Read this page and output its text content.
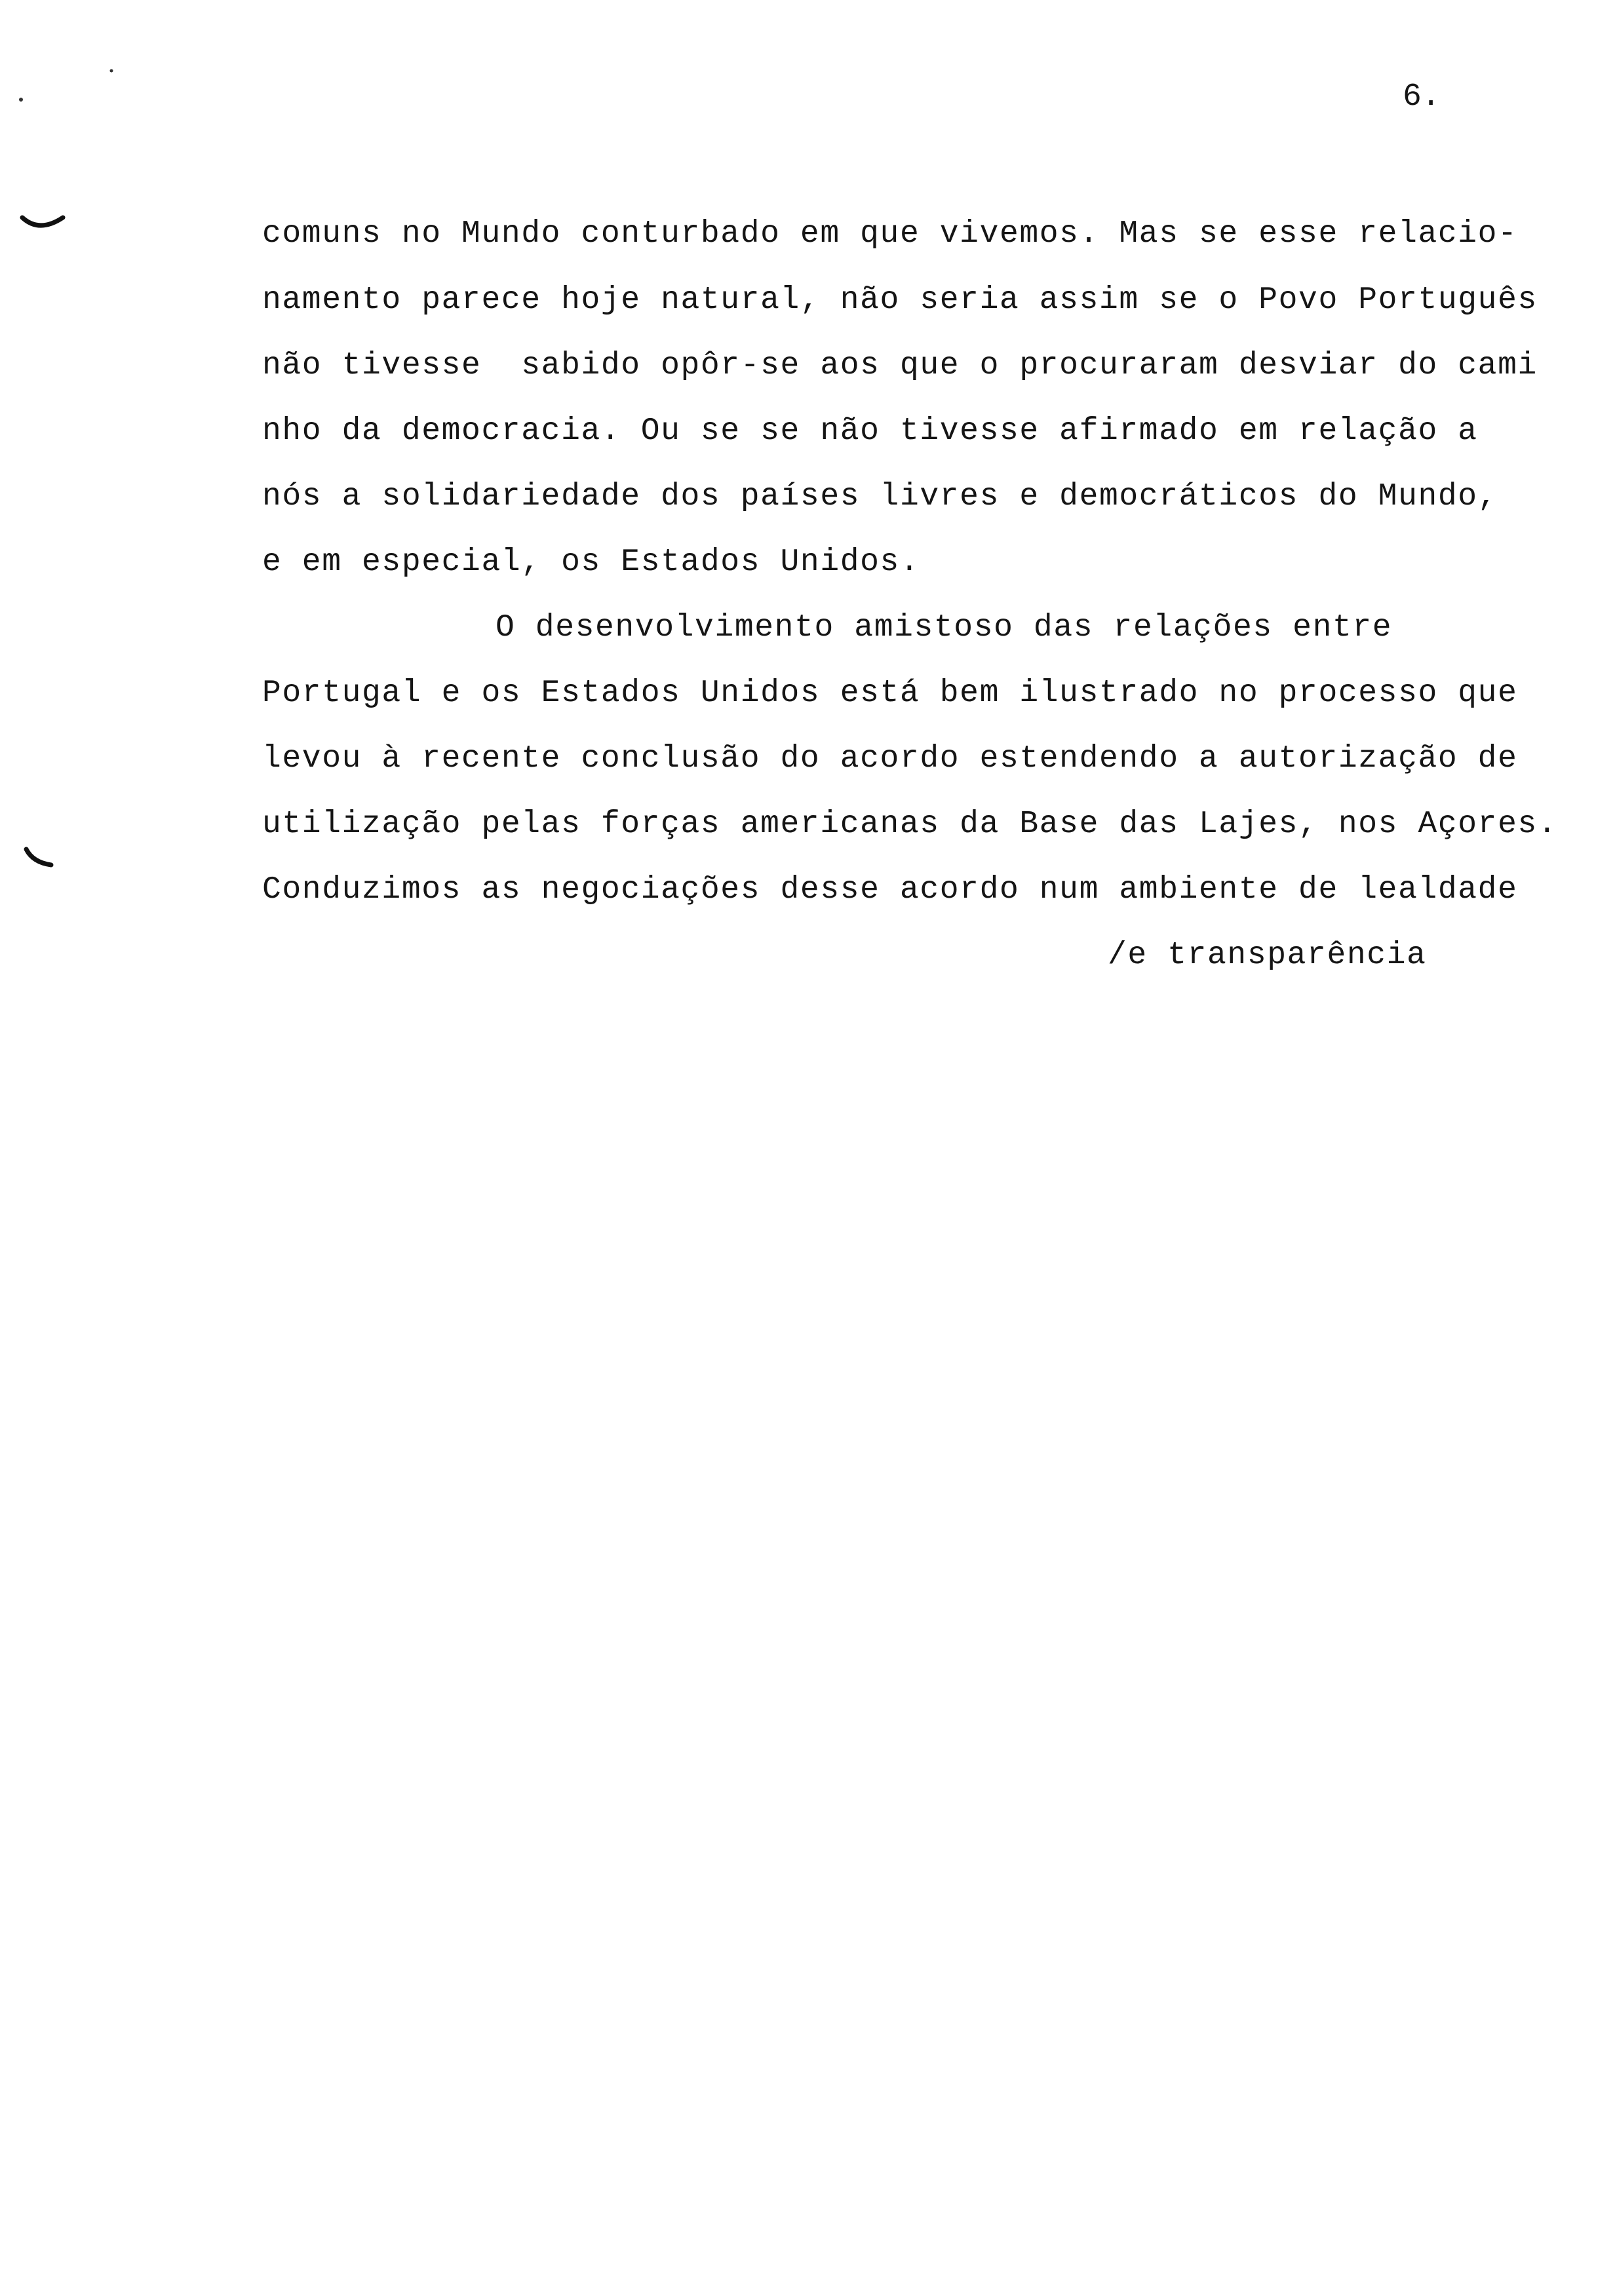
6.
comuns no Mundo conturbado em que vivemos. Mas se esse relacio-
namento parece hoje natural, não seria assim se o Povo Português
não tivesse  sabido opôr-se aos que o procuraram desviar do cami
nho da democracia. Ou se se não tivesse afirmado em relação a
nós a solidariedade dos países livres e democráticos do Mundo,
e em especial, os Estados Unidos.
O desenvolvimento amistoso das relações entre
Portugal e os Estados Unidos está bem ilustrado no processo que
levou à recente conclusão do acordo estendendo a autorização de
utilização pelas forças americanas da Base das Lajes, nos Açores.
Conduzimos as negociações desse acordo num ambiente de lealdade
/e transparência
